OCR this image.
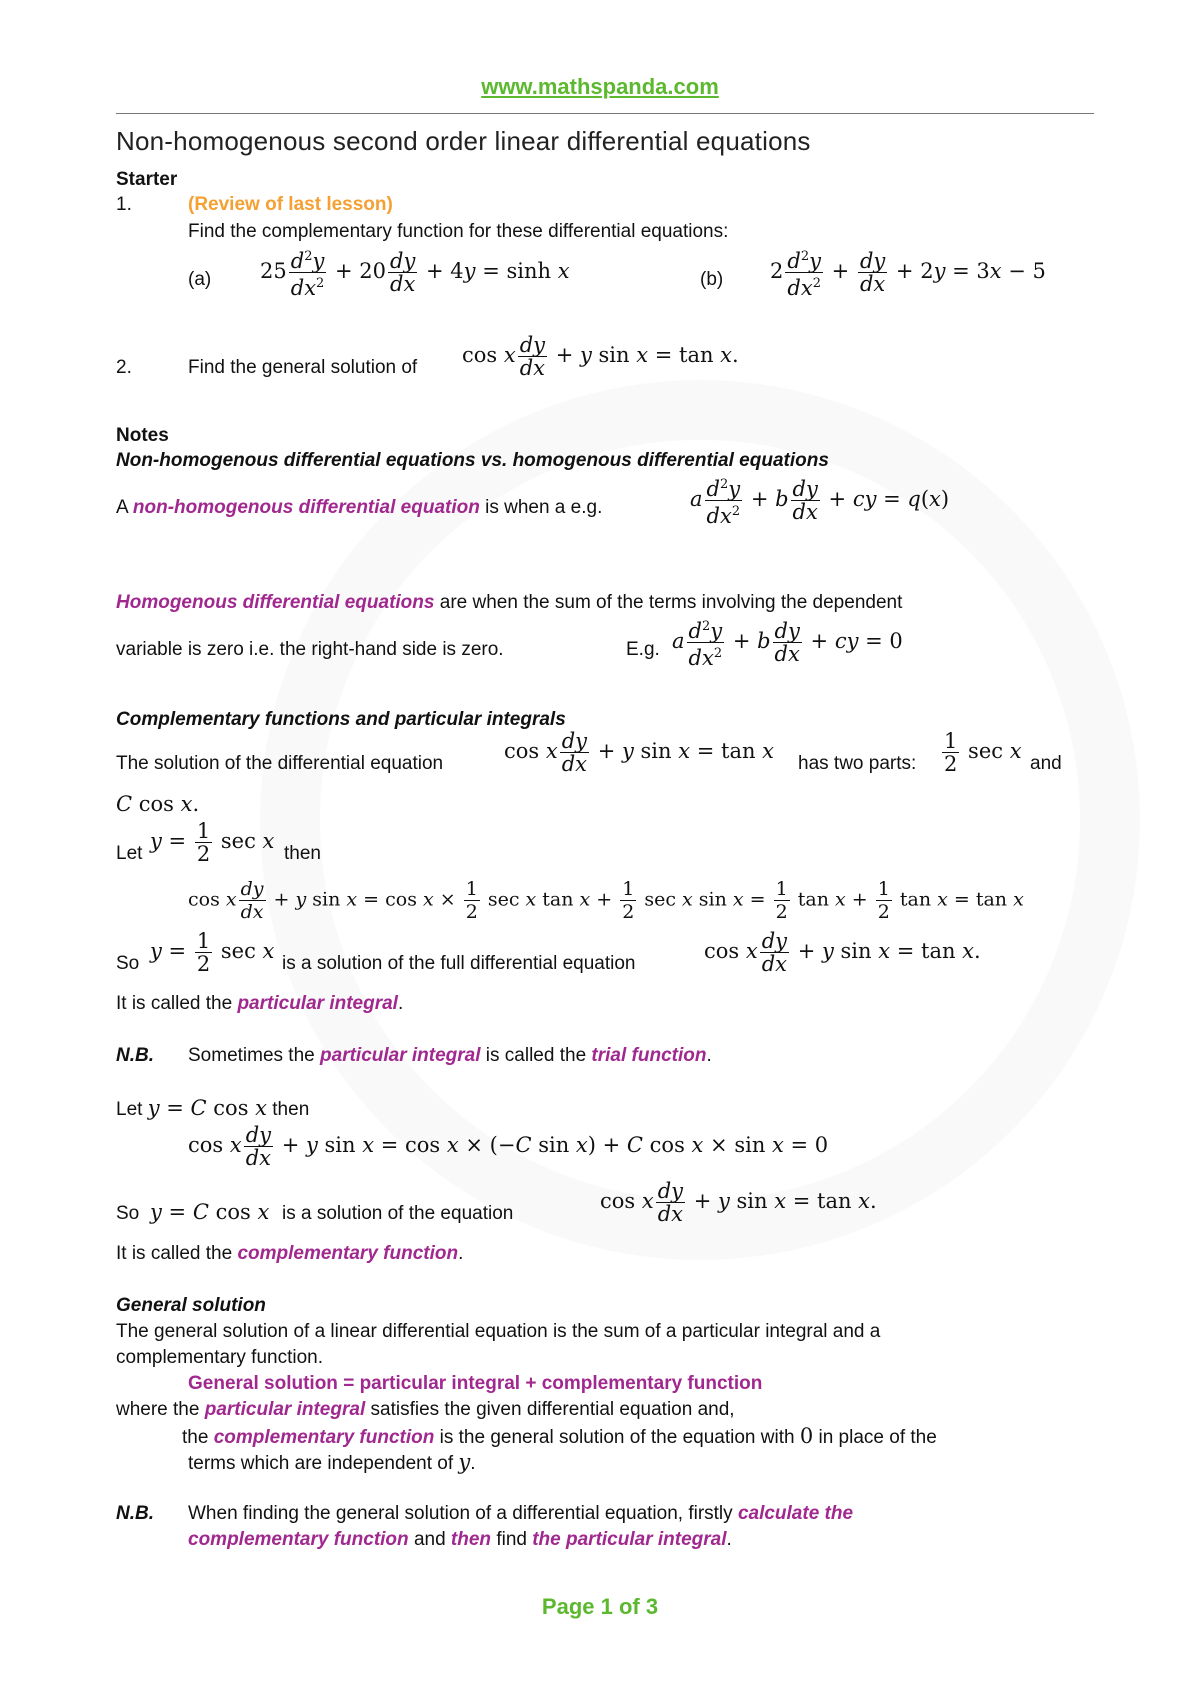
www.mathspanda.com
Non-homogenous second order linear differential equations
Starter
1.	(Review of last lesson)
Find the complementary function for these differential equations:
(a) $25 \frac{d^2y}{dx^2} + 20 \frac{dy}{dx} + 4y = \sinh x$	(b) $2 \frac{d^2y}{dx^2} + \frac{dy}{dx} + 2y = 3x - 5$
2.	Find the general solution of
cos x $\frac{dy}{dx} + y$ sin x = tan x.
Notes
Non-homogenous differential equations vs. homogenous differential equations
A non-homogenous differential equation is when a e.g.	a $\frac{d^2y}{dx^2} + b \frac{dy}{dx}$ + cy = q(x)
Homogenous differential equations are when the sum of the terms involving the dependent
variable is zero i.e. the right-hand side is zero.	E.g. a $\frac{d^2y}{dx^2} + b \frac{dy}{dx}$ + cy = 0
Complementary functions and particular integrals
The solution of the differential equation
cos x $\frac{dy}{dx} + y$ sin x = tan x
has two parts: $\frac{1}{2}$ sec x
and
C cos x.
Let
$y = \frac{1}{2}$ sec x
then
cos x $\frac{dy}{dx} + y$ $\sin x = \cos x \times \frac{1}{2}$ sec x $\tan x + \frac{1}{2}$ sec x $\sin x = \frac{1}{2}$ $\tan x + \frac{1}{2}$ tan x = tan x
So
$y = \frac{1}{2}$ sec x
is a solution of the full differential equation
cos x $\frac{dy}{dx} + y$ sin x = tan x.
It is called the particular integral.
N.B. Sometimes the particular integral is called the trial function.
Let y = C cos x then
cos x $\frac{dy}{dx} + y$ sin x = cos x × (−C sin x) + C cos x × sin x = 0
So y = C cos x is a solution of the equation
cos x $\frac{dy}{dx} + y$ sin x = tan x.
It is called the complementary function.
General solution
The general solution of a linear differential equation is the sum of a particular integral and a
complementary function.
General solution = particular integral + complementary function
where the particular integral satisfies the given differential equation and,
the complementary function is the general solution of the equation with 0 in place of the
terms which are independent of y.
N.B. When finding the general solution of a differential equation, firstly calculate the
complementary function and then find the particular integral.
Page 1 of 3
